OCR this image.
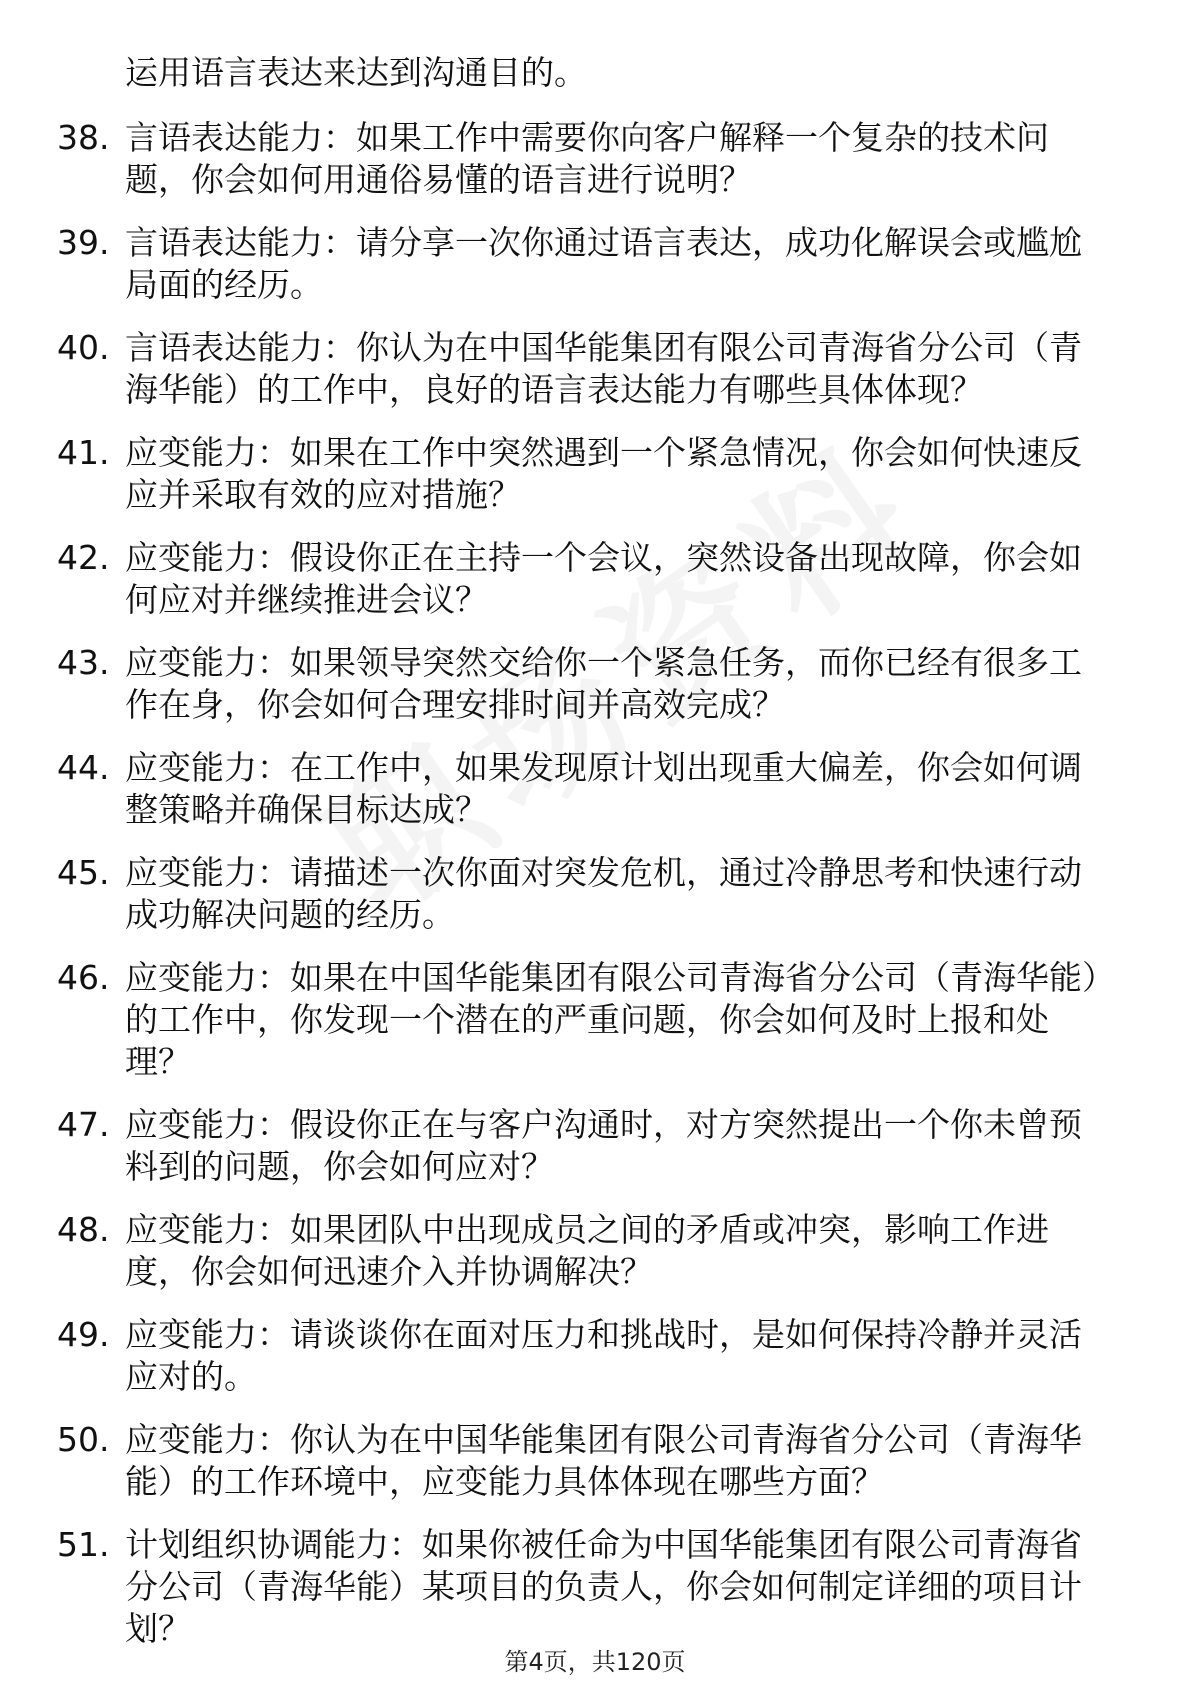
运用语言表达来达到沟通目的。
38. 言语表达能力：如果工作中需要你向客户解释一个复杂的技术问题，你会如何用通俗易懂的语言进行说明？
39. 言语表达能力：请分享一次你通过语言表达，成功化解误会或尴尬局面的经历。
40. 言语表达能力：你认为在中国华能集团有限公司青海省分公司（青海华能）的工作中，良好的语言表达能力有哪些具体体现？
41. 应变能力：如果在工作中突然遇到一个紧急情况，你会如何快速反应并采取有效的应对措施？
42. 应变能力：假设你正在主持一个会议，突然设备出现故障，你会如何应对并继续推进会议？
43. 应变能力：如果领导突然交给你一个紧急任务，而你已经有很多工作在身，你会如何合理安排时间并高效完成？
44. 应变能力：在工作中，如果发现原计划出现重大偏差，你会如何调整策略并确保目标达成？
45. 应变能力：请描述一次你面对突发危机，通过冷静思考和快速行动成功解决问题的经历。
46. 应变能力：如果在中国华能集团有限公司青海省分公司（青海华能）的工作中，你发现一个潜在的严重问题，你会如何及时上报和处理？
47. 应变能力：假设你正在与客户沟通时，对方突然提出一个你未曾预料到的问题，你会如何应对？
48. 应变能力：如果团队中出现成员之间的矛盾或冲突，影响工作进度，你会如何迅速介入并协调解决？
49. 应变能力：请谈谈你在面对压力和挑战时，是如何保持冷静并灵活应对的。
50. 应变能力：你认为在中国华能集团有限公司青海省分公司（青海华能）的工作环境中，应变能力具体体现在哪些方面？
51. 计划组织协调能力：如果你被任命为中国华能集团有限公司青海省分公司（青海华能）某项目的负责人，你会如何制定详细的项目计划？
第4页，共120页
